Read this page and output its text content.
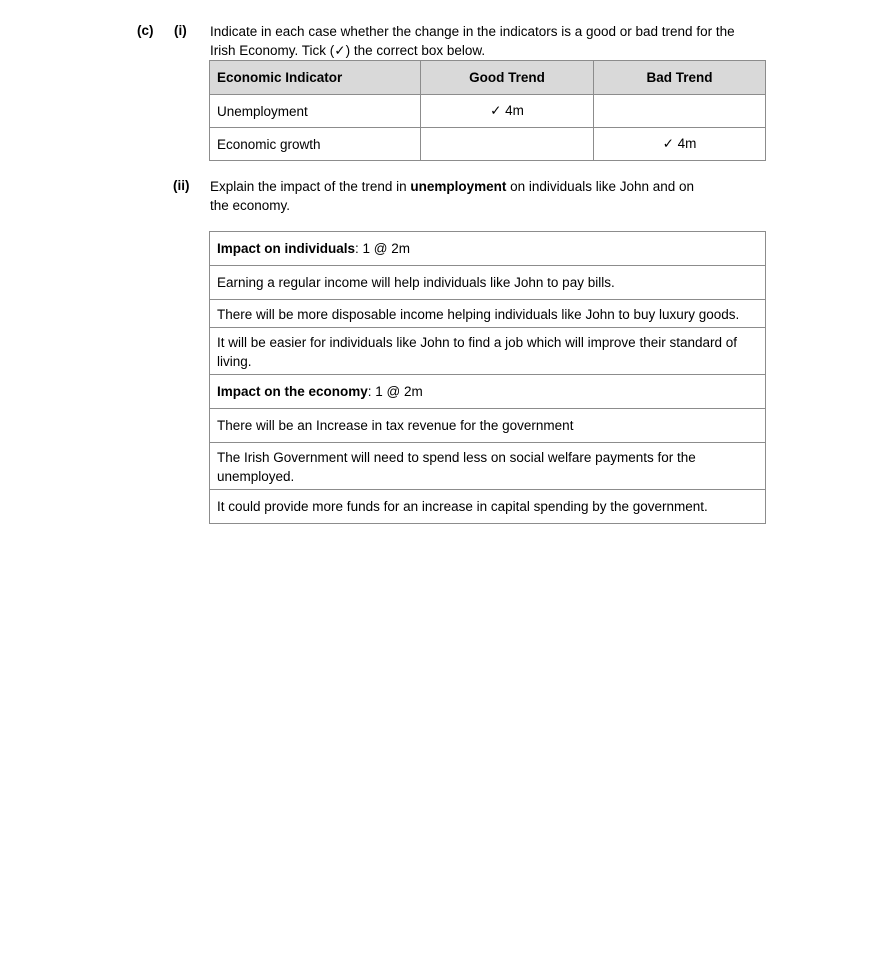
(c) (i) Indicate in each case whether the change in the indicators is a good or bad trend for the Irish Economy. Tick (✓) the correct box below.
Economic Indicator	Good Trend	Bad Trend
Unemployment	✓ 4m	
Economic growth		✓ 4m
(ii) Explain the impact of the trend in unemployment on individuals like John and on the economy.
Impact on individuals: 1 @ 2m
Earning a regular income will help individuals like John to pay bills.
There will be more disposable income helping individuals like John to buy luxury goods.
It will be easier for individuals like John to find a job which will improve their standard of living.
Impact on the economy: 1 @ 2m
There will be an Increase in tax revenue for the government
The Irish Government will need to spend less on social welfare payments for the unemployed.
It could provide more funds for an increase in capital spending by the government.
